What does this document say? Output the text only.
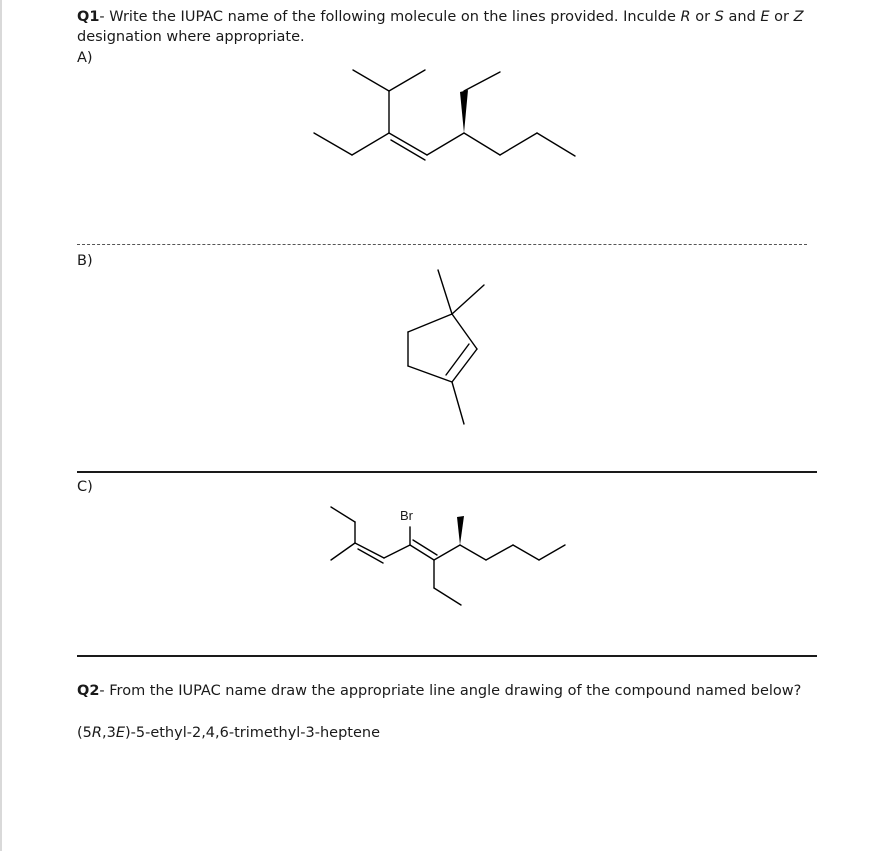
Q1- Write the IUPAC name of the following molecule on the lines provided. Inculde R or S and E or Z
designation where appropriate.
A)
B)
C)
Br
Q2- From the IUPAC name draw the appropriate line angle drawing of the compound named below?
(5R,3E)-5-ethyl-2,4,6-trimethyl-3-heptene
